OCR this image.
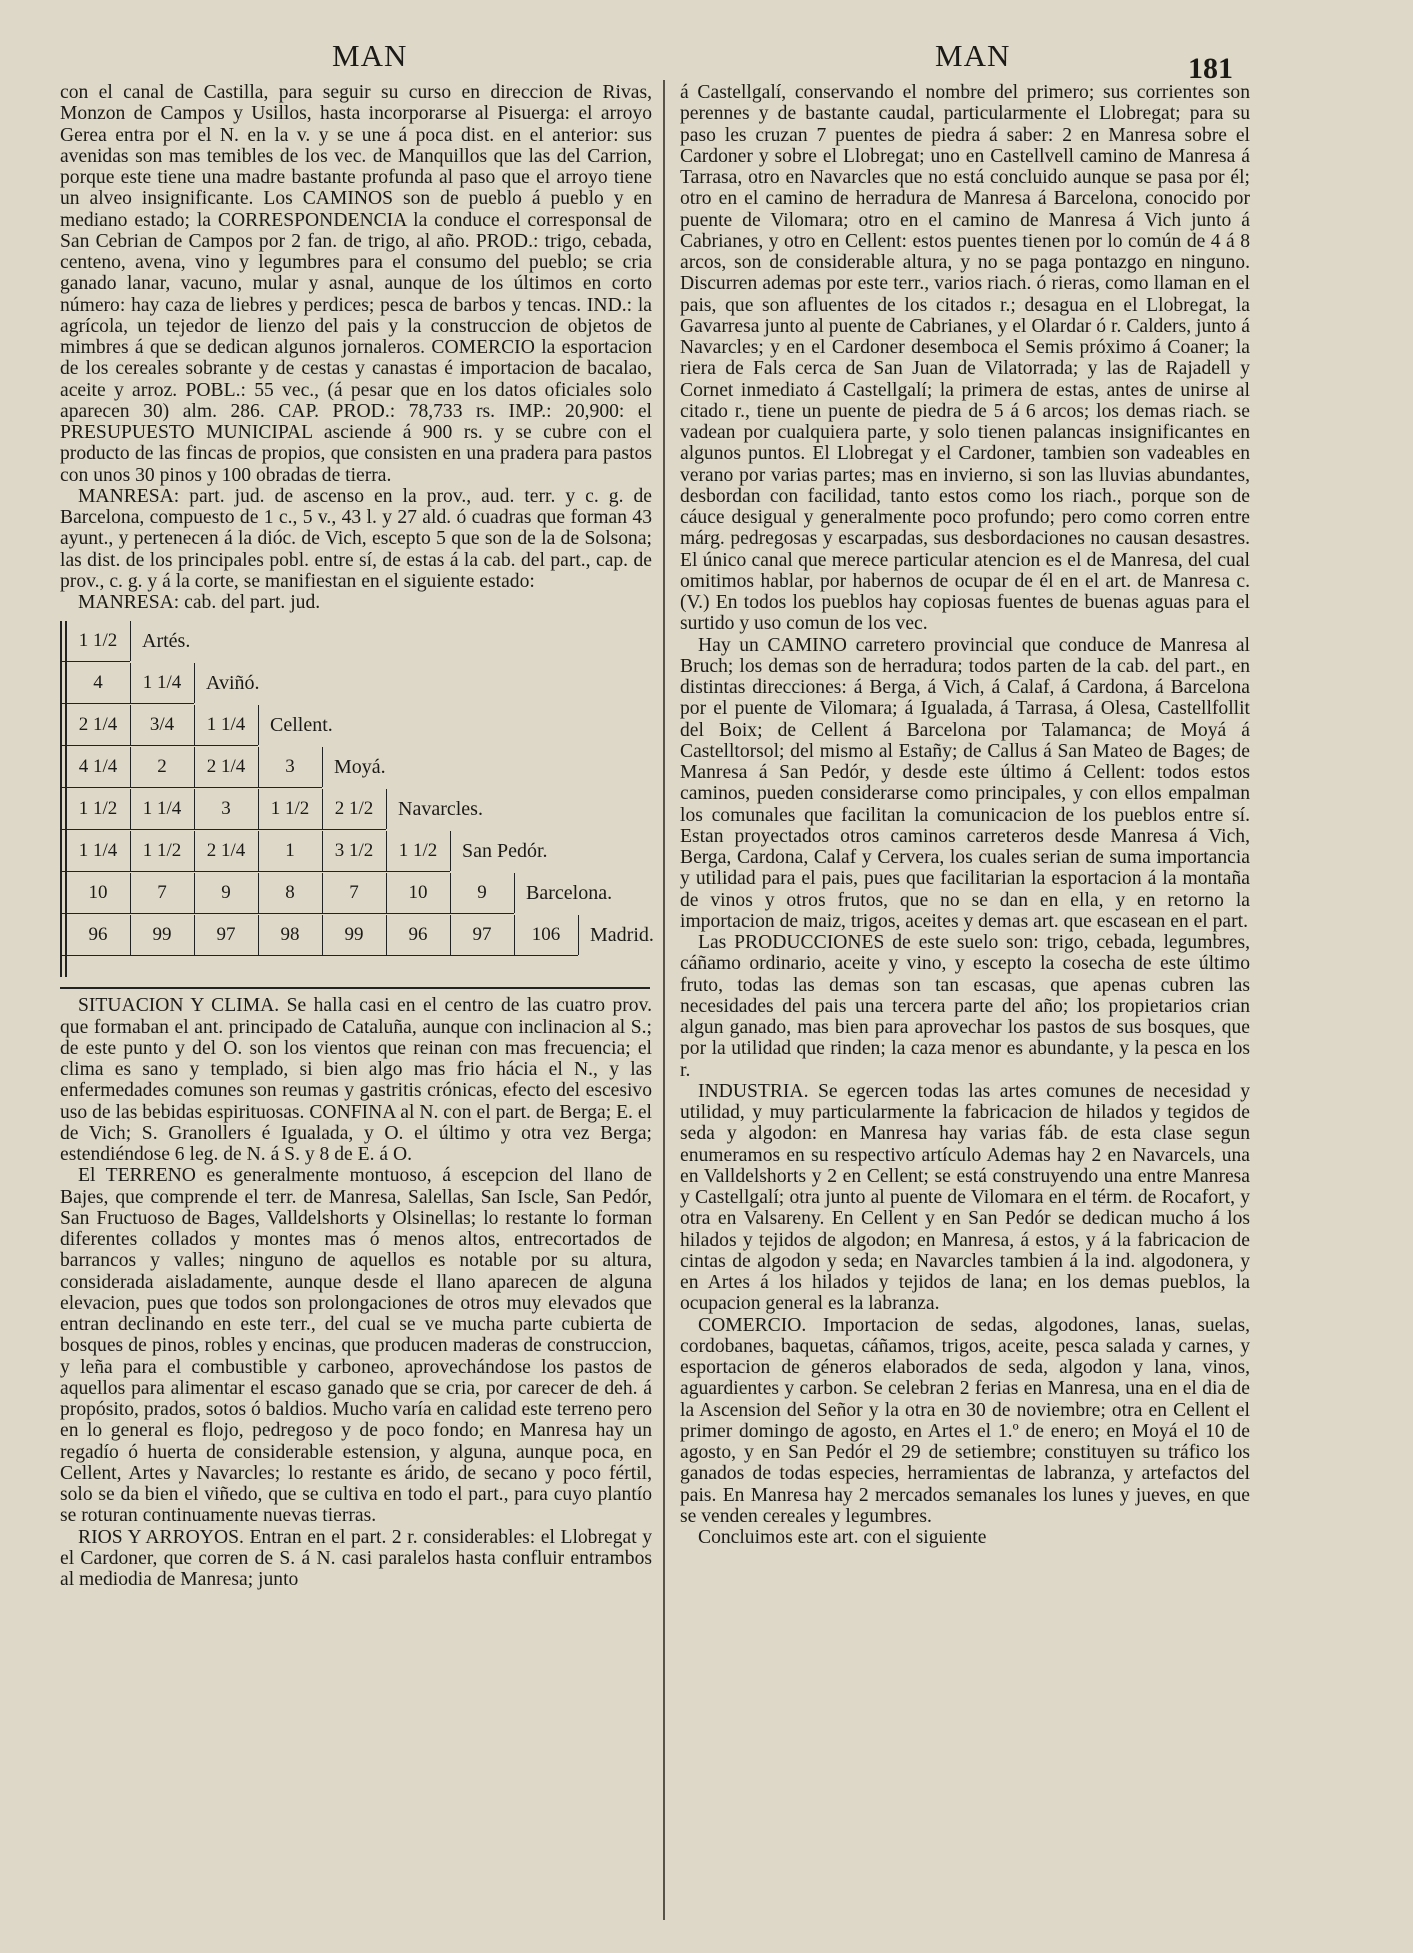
MAN	MAN	181

con el canal de Castilla, para seguir su curso en direccion de Rivas, Monzon de Campos y Usillos, hasta incorporarse al Pisuerga: el arroyo Gerea entra por el N. en la v. y se une á poca dist. en el anterior: sus avenidas son mas temibles de los vec. de Manquillos que las del Carrion, porque este tiene una madre bastante profunda al paso que el arroyo tiene un alveo insignificante. Los CAMINOS son de pueblo á pueblo y en mediano estado; la CORRESPONDENCIA la conduce el corresponsal de San Cebrian de Campos por 2 fan. de trigo, al año. PROD.: trigo, cebada, centeno, avena, vino y legumbres para el consumo del pueblo; se cria ganado lanar, vacuno, mular y asnal, aunque de los últimos en corto número: hay caza de liebres y perdices; pesca de barbos y tencas. IND.: la agrícola, un tejedor de lienzo del pais y la construccion de objetos de mimbres á que se dedican algunos jornaleros. COMERCIO la esportacion de los cereales sobrante y de cestas y canastas é importacion de bacalao, aceite y arroz. POBL.: 55 vec., (á pesar que en los datos oficiales solo aparecen 30) alm. 286. CAP. PROD.: 78,733 rs. IMP.: 20,900: el PRESUPUESTO MUNICIPAL asciende á 900 rs. y se cubre con el producto de las fincas de propios, que consisten en una pradera para pastos con unos 30 pinos y 100 obradas de tierra.

MANRESA: part. jud. de ascenso en la prov., aud. terr. y c. g. de Barcelona, compuesto de 1 c., 5 v., 43 l. y 27 ald. ó cuadras que forman 43 ayunt., y pertenecen á la dióc. de Vich, escepto 5 que son de la de Solsona; las dist. de los principales pobl. entre sí, de estas á la cab. del part., cap. de prov., c. g. y á la corte, se manifiestan en el siguiente estado:

MANRESA: cab. del part. jud.

1 1/2	Artés.
4	1 1/4	Aviñó.
2 1/4	3/4	1 1/4	Cellent.
4 1/4	2	2 1/4	3	Moyá.
1 1/2	1 1/4	3	1 1/2	2 1/2	Navarcles.
1 1/4	1 1/2	2 1/4	1	3 1/2	1 1/2	San Pedór.
10	7	9	8	7	10	9	Barcelona.
96	99	97	98	99	96	97	106	Madrid.

SITUACION Y CLIMA. Se halla casi en el centro de las cuatro prov. que formaban el ant. principado de Cataluña, aunque con inclinacion al S.; de este punto y del O. son los vientos que reinan con mas frecuencia; el clima es sano y templado, si bien algo mas frio hácia el N., y las enfermedades comunes son reumas y gastritis crónicas, efecto del escesivo uso de las bebidas espirituosas. CONFINA al N. con el part. de Berga; E. el de Vich; S. Granollers é Igualada, y O. el último y otra vez Berga; estendiéndose 6 leg. de N. á S. y 8 de E. á O.

El TERRENO es generalmente montuoso, á escepcion del llano de Bajes, que comprende el terr. de Manresa, Salellas, San Iscle, San Pedór, San Fructuoso de Bages, Valldelshorts y Olsinellas; lo restante lo forman diferentes collados y montes mas ó menos altos, entrecortados de barrancos y valles; ninguno de aquellos es notable por su altura, considerada aisladamente, aunque desde el llano aparecen de alguna elevacion, pues que todos son prolongaciones de otros muy elevados que entran declinando en este terr., del cual se ve mucha parte cubierta de bosques de pinos, robles y encinas, que producen maderas de construccion, y leña para el combustible y carboneo, aprovechándose los pastos de aquellos para alimentar el escaso ganado que se cria, por carecer de deh. á propósito, prados, sotos ó baldios. Mucho varía en calidad este terreno pero en lo general es flojo, pedregoso y de poco fondo; en Manresa hay un regadío ó huerta de considerable estension, y alguna, aunque poca, en Cellent, Artes y Navarcles; lo restante es árido, de secano y poco fértil, solo se da bien el viñedo, que se cultiva en todo el part., para cuyo plantío se roturan continuamente nuevas tierras.

RIOS Y ARROYOS. Entran en el part. 2 r. considerables: el Llobregat y el Cardoner, que corren de S. á N. casi paralelos hasta confluir entrambos al mediodia de Manresa; junto

á Castellgalí, conservando el nombre del primero; sus corrientes son perennes y de bastante caudal, particularmente el Llobregat; para su paso les cruzan 7 puentes de piedra á saber: 2 en Manresa sobre el Cardoner y sobre el Llobregat; uno en Castellvell camino de Manresa á Tarrasa, otro en Navarcles que no está concluido aunque se pasa por él; otro en el camino de herradura de Manresa á Barcelona, conocido por puente de Vilomara; otro en el camino de Manresa á Vich junto á Cabrianes, y otro en Cellent: estos puentes tienen por lo común de 4 á 8 arcos, son de considerable altura, y no se paga pontazgo en ninguno. Discurren ademas por este terr., varios riach. ó rieras, como llaman en el pais, que son afluentes de los citados r.; desagua en el Llobregat, la Gavarresa junto al puente de Cabrianes, y el Olardar ó r. Calders, junto á Navarcles; y en el Cardoner desemboca el Semis próximo á Coaner; la riera de Fals cerca de San Juan de Vilatorrada; y las de Rajadell y Cornet inmediato á Castellgalí; la primera de estas, antes de unirse al citado r., tiene un puente de piedra de 5 á 6 arcos; los demas riach. se vadean por cualquiera parte, y solo tienen palancas insignificantes en algunos puntos. El Llobregat y el Cardoner, tambien son vadeables en verano por varias partes; mas en invierno, si son las lluvias abundantes, desbordan con facilidad, tanto estos como los riach., porque son de cáuce desigual y generalmente poco profundo; pero como corren entre márg. pedregosas y escarpadas, sus desbordaciones no causan desastres. El único canal que merece particular atencion es el de Manresa, del cual omitimos hablar, por habernos de ocupar de él en el art. de Manresa c. (V.) En todos los pueblos hay copiosas fuentes de buenas aguas para el surtido y uso comun de los vec.

Hay un CAMINO carretero provincial que conduce de Manresa al Bruch; los demas son de herradura; todos parten de la cab. del part., en distintas direcciones: á Berga, á Vich, á Calaf, á Cardona, á Barcelona por el puente de Vilomara; á Igualada, á Tarrasa, á Olesa, Castellfollit del Boix; de Cellent á Barcelona por Talamanca; de Moyá á Castelltorsol; del mismo al Estañy; de Callus á San Mateo de Bages; de Manresa á San Pedór, y desde este último á Cellent: todos estos caminos, pueden considerarse como principales, y con ellos empalman los comunales que facilitan la comunicacion de los pueblos entre sí. Estan proyectados otros caminos carreteros desde Manresa á Vich, Berga, Cardona, Calaf y Cervera, los cuales serian de suma importancia y utilidad para el pais, pues que facilitarian la esportacion á la montaña de vinos y otros frutos, que no se dan en ella, y en retorno la importacion de maiz, trigos, aceites y demas art. que escasean en el part.

Las PRODUCCIONES de este suelo son: trigo, cebada, legumbres, cáñamo ordinario, aceite y vino, y escepto la cosecha de este último fruto, todas las demas son tan escasas, que apenas cubren las necesidades del pais una tercera parte del año; los propietarios crian algun ganado, mas bien para aprovechar los pastos de sus bosques, que por la utilidad que rinden; la caza menor es abundante, y la pesca en los r.

INDUSTRIA. Se egercen todas las artes comunes de necesidad y utilidad, y muy particularmente la fabricacion de hilados y tegidos de seda y algodon: en Manresa hay varias fáb. de esta clase segun enumeramos en su respectivo artículo Ademas hay 2 en Navarcels, una en Valldelshorts y 2 en Cellent; se está construyendo una entre Manresa y Castellgalí; otra junto al puente de Vilomara en el térm. de Rocafort, y otra en Valsareny. En Cellent y en San Pedór se dedican mucho á los hilados y tejidos de algodon; en Manresa, á estos, y á la fabricacion de cintas de algodon y seda; en Navarcles tambien á la ind. algodonera, y en Artes á los hilados y tejidos de lana; en los demas pueblos, la ocupacion general es la labranza.

COMERCIO. Importacion de sedas, algodones, lanas, suelas, cordobanes, baquetas, cáñamos, trigos, aceite, pesca salada y carnes, y esportacion de géneros elaborados de seda, algodon y lana, vinos, aguardientes y carbon. Se celebran 2 ferias en Manresa, una en el dia de la Ascension del Señor y la otra en 30 de noviembre; otra en Cellent el primer domingo de agosto, en Artes el 1.º de enero; en Moyá el 10 de agosto, y en San Pedór el 29 de setiembre; constituyen su tráfico los ganados de todas especies, herramientas de labranza, y artefactos del pais. En Manresa hay 2 mercados semanales los lunes y jueves, en que se venden cereales y legumbres.

Concluimos este art. con el siguiente
